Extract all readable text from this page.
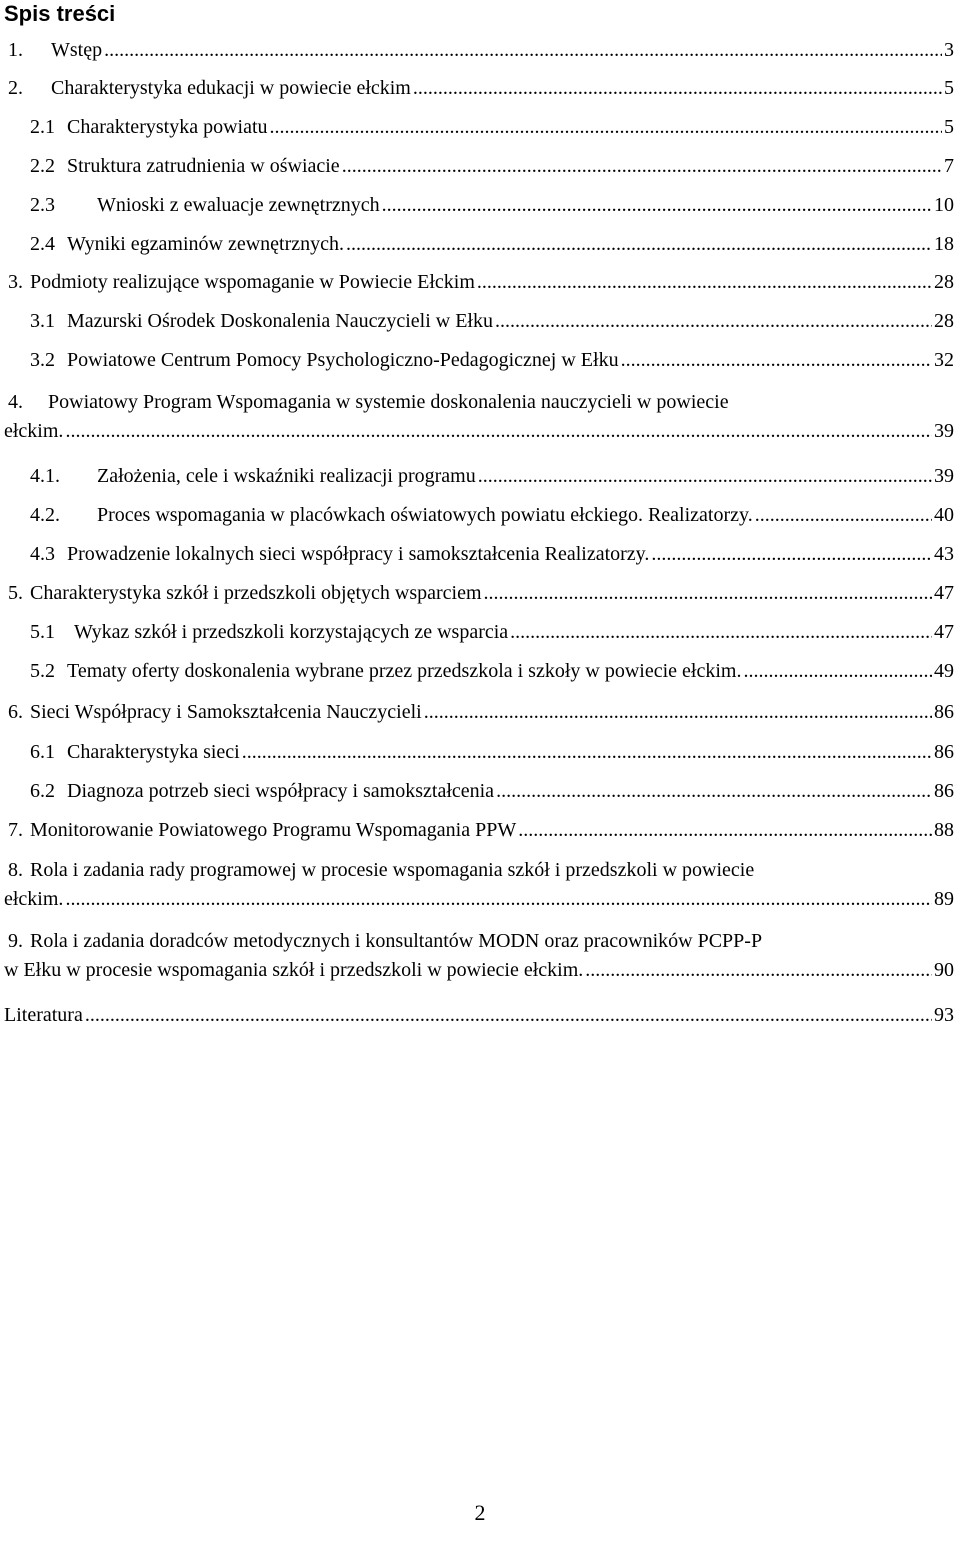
Spis treści
1.	Wstęp .....	3
2.	Charakterystyka edukacji w powiecie ełckim .....	5
2.1 Charakterystyka powiatu .....	5
2.2 Struktura zatrudnienia w oświacie .....	7
2.3	Wnioski z ewaluacje zewnętrznych .....	10
2.4 Wyniki egzaminów zewnętrznych. .....	18
3. Podmioty realizujące wspomaganie w Powiecie Ełckim .....	28
3.1 Mazurski Ośrodek Doskonalenia Nauczycieli w Ełku .....	28
3.2 Powiatowe Centrum Pomocy Psychologiczno-Pedagogicznej w Ełku .....	32
4.	Powiatowy Program Wspomagania w systemie doskonalenia nauczycieli w powiecie
ełckim. .....	39
4.1.	Założenia, cele i wskaźniki realizacji programu .....	39
4.2.	Proces wspomagania w placówkach oświatowych powiatu ełckiego. Realizatorzy. .....	40
4.3 Prowadzenie lokalnych sieci współpracy i samokształcenia Realizatorzy. .....	43
5. Charakterystyka szkół i przedszkoli objętych wsparciem .....	47
5.1 Wykaz szkół i przedszkoli korzystających ze wsparcia .....	47
5.2 Tematy oferty doskonalenia wybrane przez przedszkola i szkoły w powiecie ełckim. .....	49
6. Sieci Współpracy i Samokształcenia Nauczycieli .....	86
6.1 Charakterystyka sieci .....	86
6.2 Diagnoza potrzeb sieci współpracy i samokształcenia .....	86
7. Monitorowanie Powiatowego Programu Wspomagania PPW .....	88
8. Rola i zadania rady programowej w procesie wspomagania szkół i przedszkoli w powiecie
ełckim. .....	89
9. Rola i zadania doradców metodycznych i konsultantów MODN oraz pracowników PCPP-P
w Ełku w procesie wspomagania szkół i przedszkoli w powiecie ełckim. .....	90
Literatura .....	93
2
